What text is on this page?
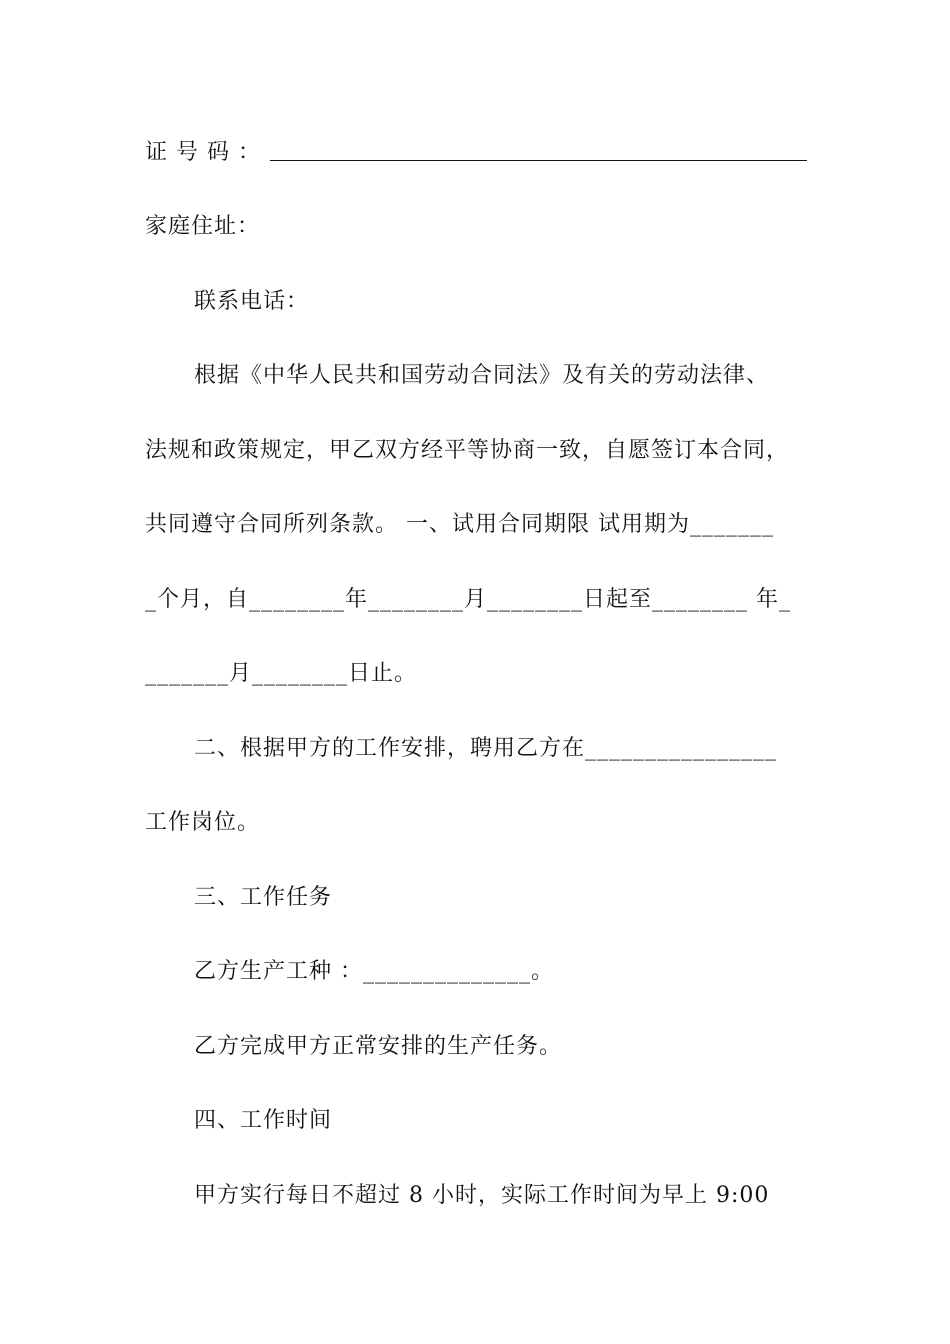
证号码：
家庭住址：
联系电话：
根据《中华人民共和国劳动合同法》及有关的劳动法律、
法规和政策规定，甲乙双方经平等协商一致，自愿签订本合同，
共同遵守合同所列条款。 一、试用合同期限 试用期为_______
_个月，自________年________月________日起至________ 年_
_______月________日止。
二、根据甲方的工作安排，聘用乙方在________________
工作岗位。
三、工作任务
乙方生产工种 ：______________。
乙方完成甲方正常安排的生产任务。
四、工作时间
甲方实行每日不超过 8 小时，实际工作时间为早上 9:00
